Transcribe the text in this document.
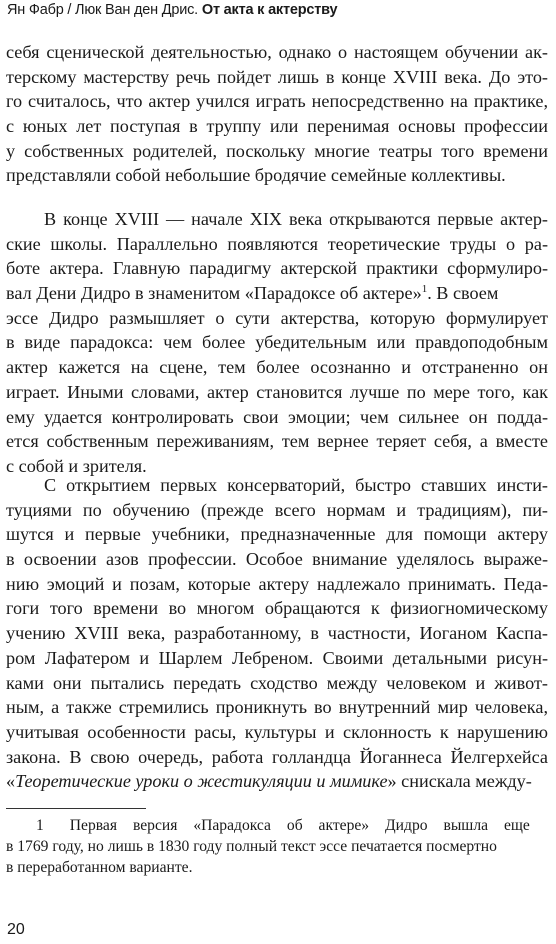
Ян Фабр / Люк Ван ден Дрис. От акта к актерству
себя сценической деятельностью, однако о настоящем обучении ак-
терскому мастерству речь пойдет лишь в конце XVIII века. До это-
го считалось, что актер учился играть непосредственно на практике,
с юных лет поступая в труппу или перенимая основы профессии
у собственных родителей, поскольку многие театры того времени
представляли собой небольшие бродячие семейные коллективы.
В конце XVIII — начале XIX века открываются первые актер-
ские школы. Параллельно появляются теоретические труды о ра-
боте актера. Главную парадигму актерской практики сформулиро-
вал Дени Дидро в знаменитом «Парадоксе об актере»$^1$. В своем
эссе Дидро размышляет о сути актерства, которую формулирует
в виде парадокса: чем более убедительным или правдоподобным
актер кажется на сцене, тем более осознанно и отстраненно он
играет. Иными словами, актер становится лучше по мере того, как
ему удается контролировать свои эмоции; чем сильнее он подда-
ется собственным переживаниям, тем вернее теряет себя, а вместе
с собой и зрителя.
С открытием первых консерваторий, быстро ставших инсти-
туциями по обучению (прежде всего нормам и традициям), пи-
шутся и первые учебники, предназначенные для помощи актеру
в освоении азов профессии. Особое внимание уделялось выраже-
нию эмоций и позам, которые актеру надлежало принимать. Педа-
гоги того времени во многом обращаются к физиогномическому
учению XVIII века, разработанному, в частности, Иоганом Каспа-
ром Лафатером и Шарлем Лебреном. Своими детальными рисун-
ками они пытались передать сходство между человеком и живот-
ным, а также стремились проникнуть во внутренний мир человека,
учитывая особенности расы, культуры и склонность к нарушению
закона. В свою очередь, работа голландца Йоганнеса Йелгерхейса
«Теоретические уроки о жестикуляции и мимике» снискала между-
1 Первая версия «Парадокса об актере» Дидро вышла еще
в 1769 году, но лишь в 1830 году полный текст эссе печатается посмертно
в переработанном варианте.
20
